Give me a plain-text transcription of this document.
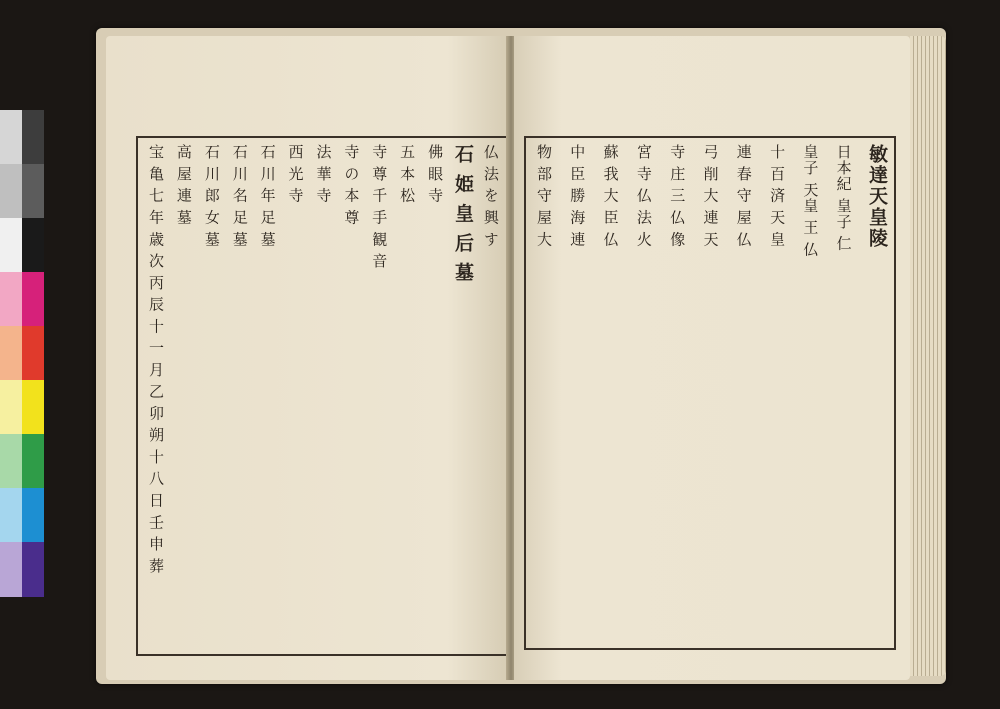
仏 法 を 興 す
石 姫 皇 后 墓
佛 眼 寺
五 本 松
寺 尊 千 手 観 音
寺 の 本 尊
法 華 寺
西 光 寺
石 川 年 足 墓
石 川 名 足 墓
石 川 郎 女 墓
高 屋 連 墓
宝 亀 七 年 歳 次 丙 辰 十 一 月 乙 卯 朔 十 八 日 壬 申 葬	敏達天皇陵
日本紀 皇子 仁
皇子 天皇 王 仏
十 百 済 天 皇
連 春 守 屋 仏
弓 削 大 連 天
寺 庄 三 仏 像
宮 寺 仏 法 火
蘇 我 大 臣 仏
中 臣 勝 海 連
物 部 守 屋 大
